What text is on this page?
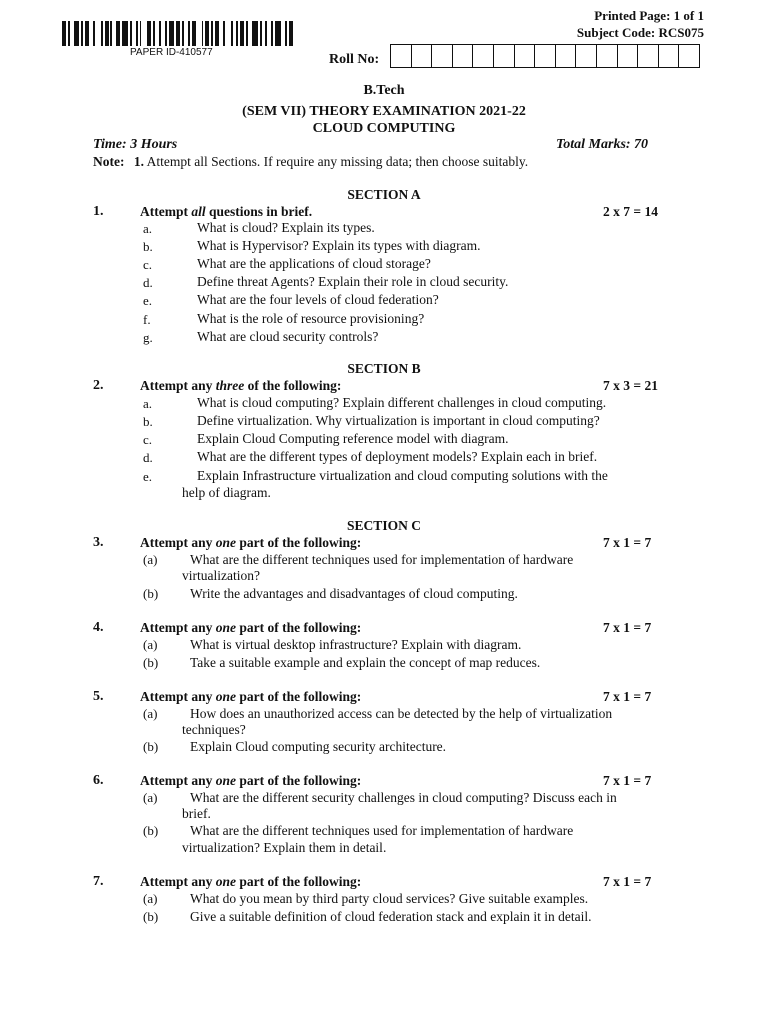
PAPER ID-410577
Printed Page: 1 of 1
Subject Code: RCS075
Roll No:
B.Tech
(SEM VII) THEORY EXAMINATION 2021-22
CLOUD COMPUTING
Time: 3 Hours	Total Marks: 70
Note: 1. Attempt all Sections. If require any missing data; then choose suitably.
SECTION A
1.	Attempt all questions in brief.	2 x 7 = 14
a.	What is cloud? Explain its types.
b.	What is Hypervisor? Explain its types with diagram.
c.	What are the applications of cloud storage?
d.	Define threat Agents? Explain their role in cloud security.
e.	What are the four levels of cloud federation?
f.	What is the role of resource provisioning?
g.	What are cloud security controls?
SECTION B
2.	Attempt any three of the following:	7 x 3 = 21
a.	What is cloud computing? Explain different challenges in cloud computing.
b.	Define virtualization. Why virtualization is important in cloud computing?
c.	Explain Cloud Computing reference model with diagram.
d.	What are the different types of deployment models? Explain each in brief.
e.	Explain Infrastructure virtualization and cloud computing solutions with the
help of diagram.
SECTION C
3.	Attempt any one part of the following:	7 x 1 = 7
(a) What are the different techniques used for implementation of hardware
virtualization?
(b) Write the advantages and disadvantages of cloud computing.
4.	Attempt any one part of the following:	7 x 1 = 7
(a) What is virtual desktop infrastructure? Explain with diagram.
(b) Take a suitable example and explain the concept of map reduces.
5.	Attempt any one part of the following:	7 x 1 = 7
(a) How does an unauthorized access can be detected by the help of virtualization
techniques?
(b) Explain Cloud computing security architecture.
6.	Attempt any one part of the following:	7 x 1 = 7
(a) What are the different security challenges in cloud computing? Discuss each in
brief.
(b) What are the different techniques used for implementation of hardware
virtualization? Explain them in detail.
7.	Attempt any one part of the following:	7 x 1 = 7
(a) What do you mean by third party cloud services? Give suitable examples.
(b) Give a suitable definition of cloud federation stack and explain it in detail.
